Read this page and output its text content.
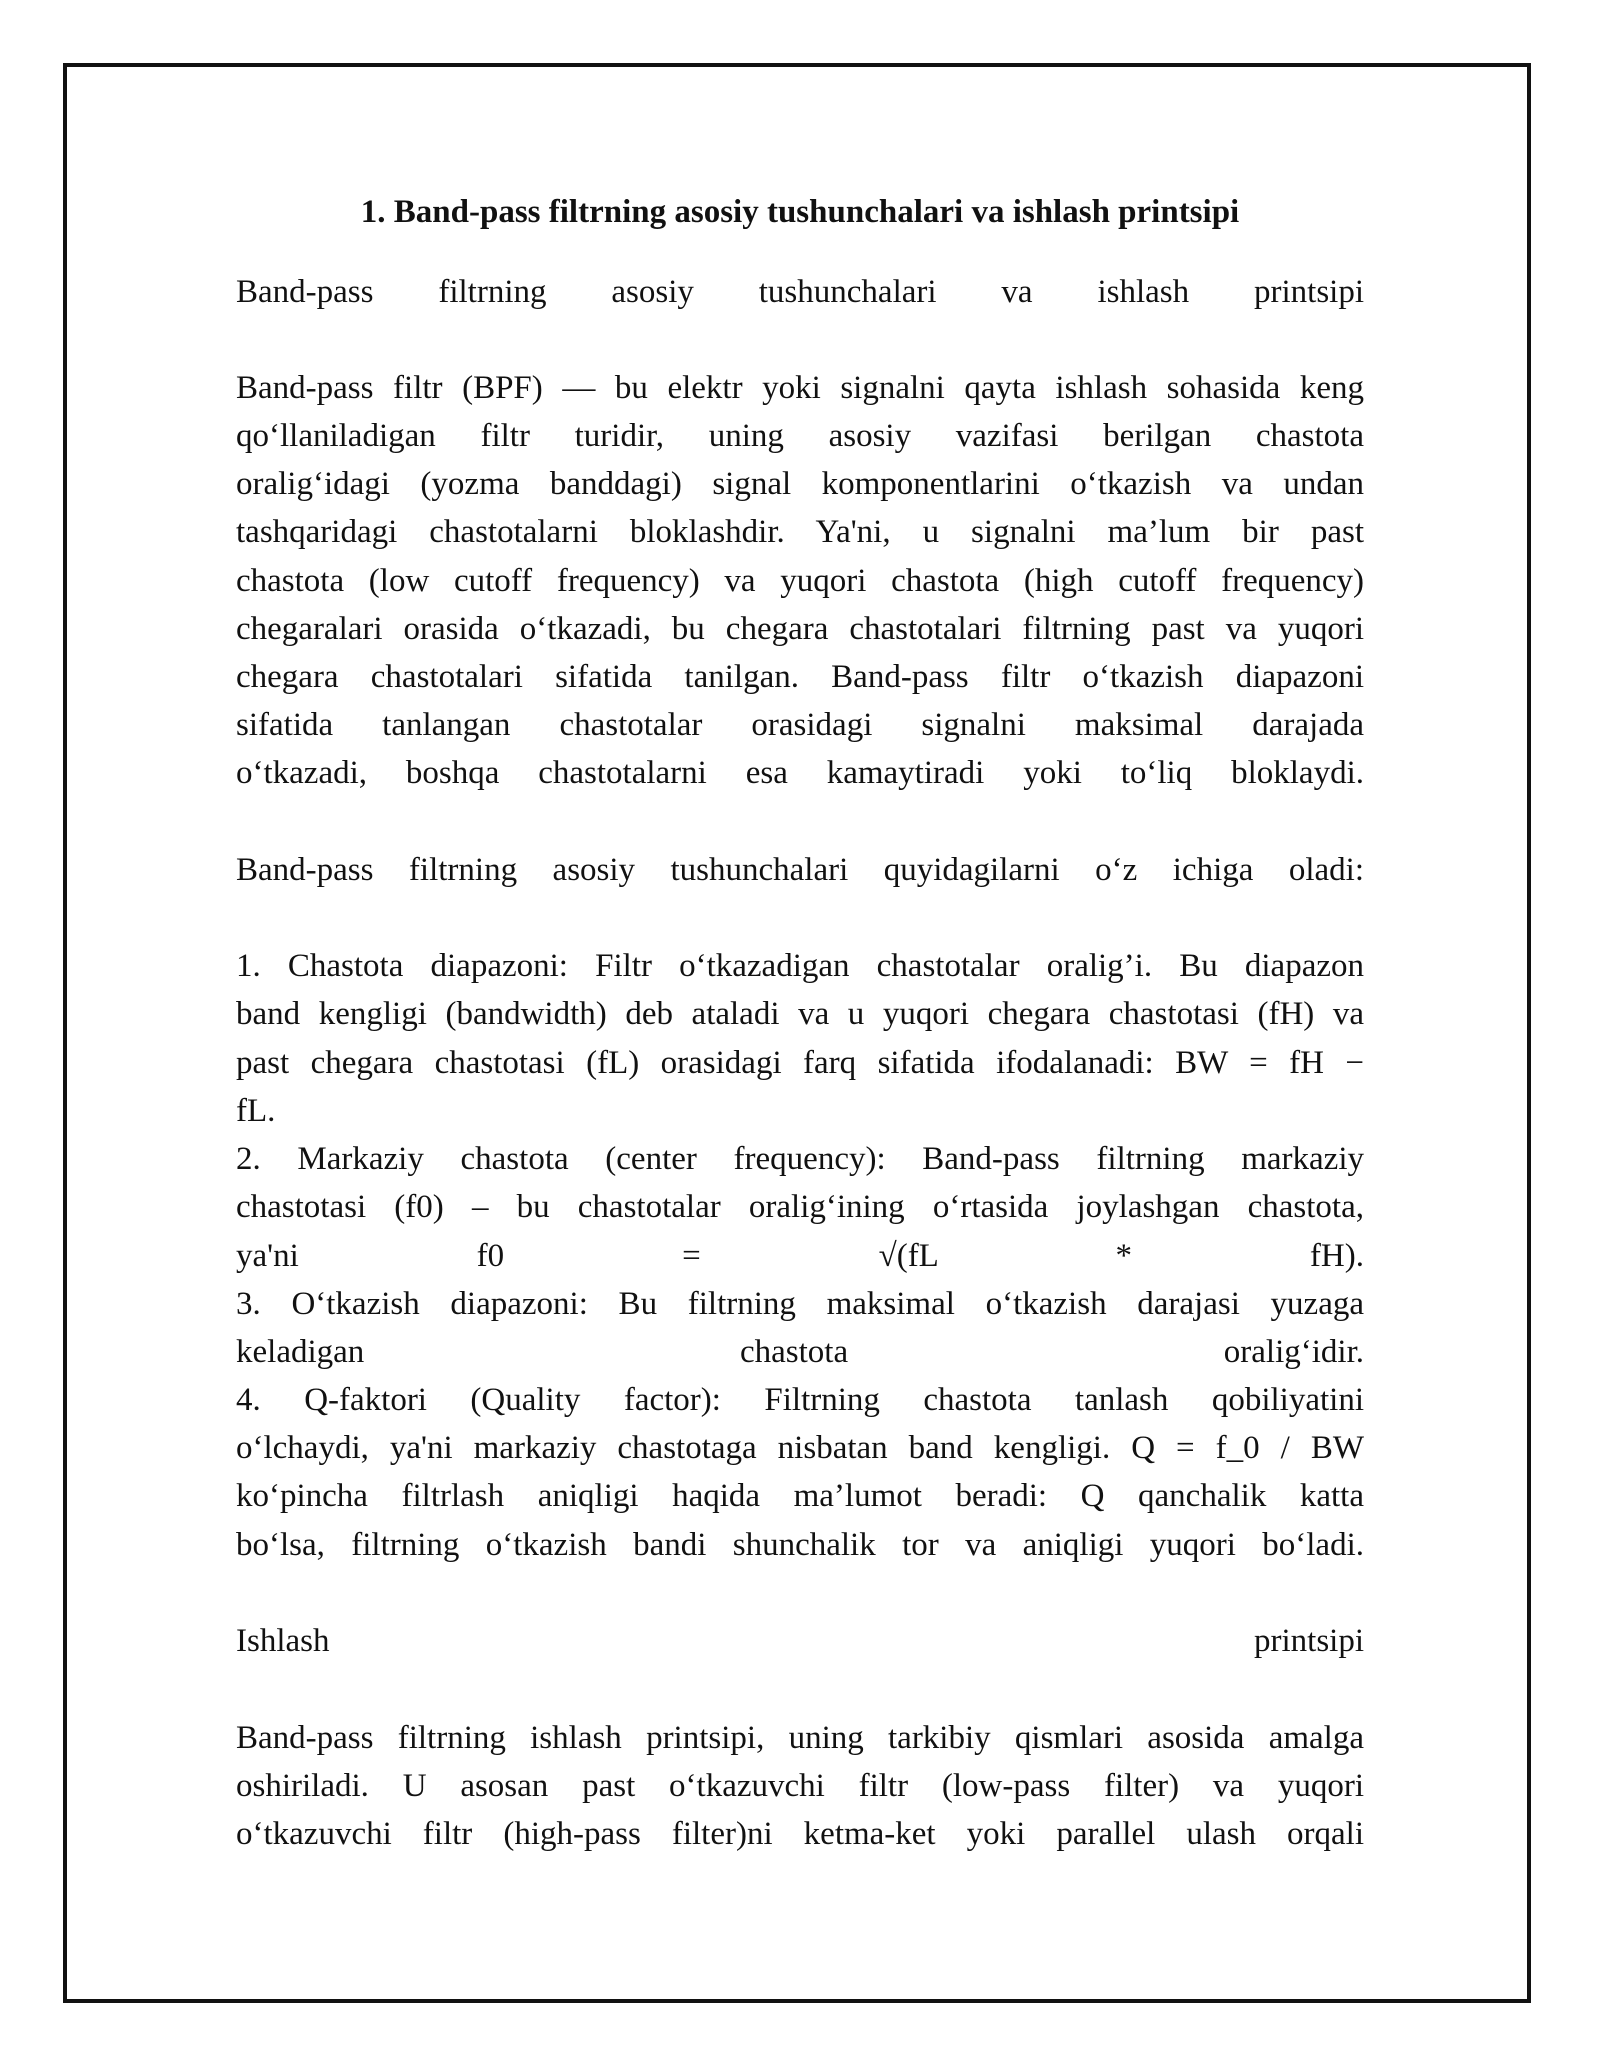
1. Band-pass filtrning asosiy tushunchalari va ishlash printsipi
Band-pass filtrning asosiy tushunchalari va ishlash printsipi
Band-pass filtr (BPF) — bu elektr yoki signalni qayta ishlash sohasida keng
qo‘llaniladigan filtr turidir, uning asosiy vazifasi berilgan chastota
oralig‘idagi (yozma banddagi) signal komponentlarini o‘tkazish va undan
tashqaridagi chastotalarni bloklashdir. Ya'ni, u signalni ma’lum bir past
chastota (low cutoff frequency) va yuqori chastota (high cutoff frequency)
chegaralari orasida o‘tkazadi, bu chegara chastotalari filtrning past va yuqori
chegara chastotalari sifatida tanilgan. Band-pass filtr o‘tkazish diapazoni
sifatida tanlangan chastotalar orasidagi signalni maksimal darajada
o‘tkazadi, boshqa chastotalarni esa kamaytiradi yoki to‘liq bloklaydi.
Band-pass filtrning asosiy tushunchalari quyidagilarni o‘z ichiga oladi:
1. Chastota diapazoni: Filtr o‘tkazadigan chastotalar oralig’i. Bu diapazon
band kengligi (bandwidth) deb ataladi va u yuqori chegara chastotasi (fH) va
past chegara chastotasi (fL) orasidagi farq sifatida ifodalanadi: BW = fH −
fL.
2. Markaziy chastota (center frequency): Band-pass filtrning markaziy
chastotasi (f0) – bu chastotalar oralig‘ining o‘rtasida joylashgan chastota,
ya'ni f0 = √(fL * fH).
3. O‘tkazish diapazoni: Bu filtrning maksimal o‘tkazish darajasi yuzaga
keladigan chastota oralig‘idir.
4. Q-faktori (Quality factor): Filtrning chastota tanlash qobiliyatini
o‘lchaydi, ya'ni markaziy chastotaga nisbatan band kengligi. Q = f_0 / BW
ko‘pincha filtrlash aniqligi haqida ma’lumot beradi: Q qanchalik katta
bo‘lsa, filtrning o‘tkazish bandi shunchalik tor va aniqligi yuqori bo‘ladi.
Ishlash printsipi
Band-pass filtrning ishlash printsipi, uning tarkibiy qismlari asosida amalga
oshiriladi. U asosan past o‘tkazuvchi filtr (low-pass filter) va yuqori
o‘tkazuvchi filtr (high-pass filter)ni ketma-ket yoki parallel ulash orqali
